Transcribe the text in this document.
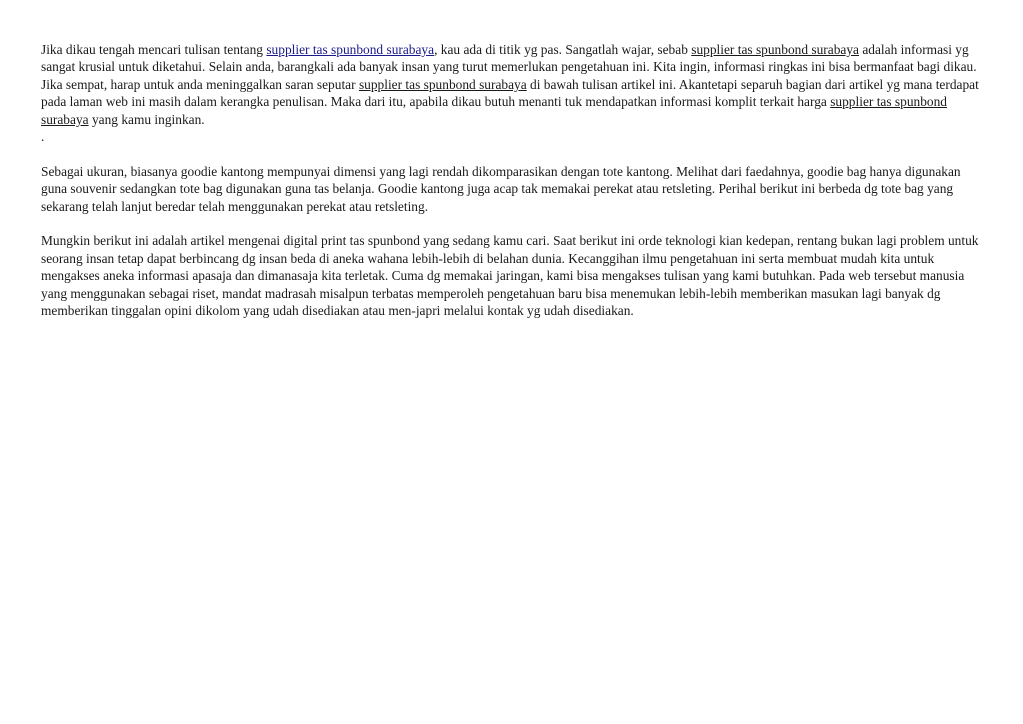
Jika dikau tengah mencari tulisan tentang supplier tas spunbond surabaya, kau ada di titik yg pas. Sangatlah wajar, sebab supplier tas spunbond surabaya adalah informasi yg sangat krusial untuk diketahui. Selain anda, barangkali ada banyak insan yang turut memerlukan pengetahuan ini. Kita ingin, informasi ringkas ini bisa bermanfaat bagi dikau. Jika sempat, harap untuk anda meninggalkan saran seputar supplier tas spunbond surabaya di bawah tulisan artikel ini. Akantetapi separuh bagian dari artikel yg mana terdapat pada laman web ini masih dalam kerangka penulisan. Maka dari itu, apabila dikau butuh menanti tuk mendapatkan informasi komplit terkait harga supplier tas spunbond surabaya yang kamu inginkan.
.

Sebagai ukuran, biasanya goodie kantong mempunyai dimensi yang lagi rendah dikomparasikan dengan tote kantong. Melihat dari faedahnya, goodie bag hanya digunakan guna souvenir sedangkan tote bag digunakan guna tas belanja. Goodie kantong juga acap tak memakai perekat atau retsleting. Perihal berikut ini berbeda dg tote bag yang sekarang telah lanjut beredar telah menggunakan perekat atau retsleting.

Mungkin berikut ini adalah artikel mengenai digital print tas spunbond yang sedang kamu cari. Saat berikut ini orde teknologi kian kedepan, rentang bukan lagi problem untuk seorang insan tetap dapat berbincang dg insan beda di aneka wahana lebih-lebih di belahan dunia. Kecanggihan ilmu pengetahuan ini serta membuat mudah kita untuk mengakses aneka informasi apasaja dan dimanasaja kita terletak. Cuma dg memakai jaringan, kami bisa mengakses tulisan yang kami butuhkan. Pada web tersebut manusia yang menggunakan sebagai riset, mandat madrasah misalpun terbatas memperoleh pengetahuan baru bisa menemukan lebih-lebih memberikan masukan lagi banyak dg memberikan tinggalan opini dikolom yang udah disediakan atau men-japri melalui kontak yg udah disediakan.
